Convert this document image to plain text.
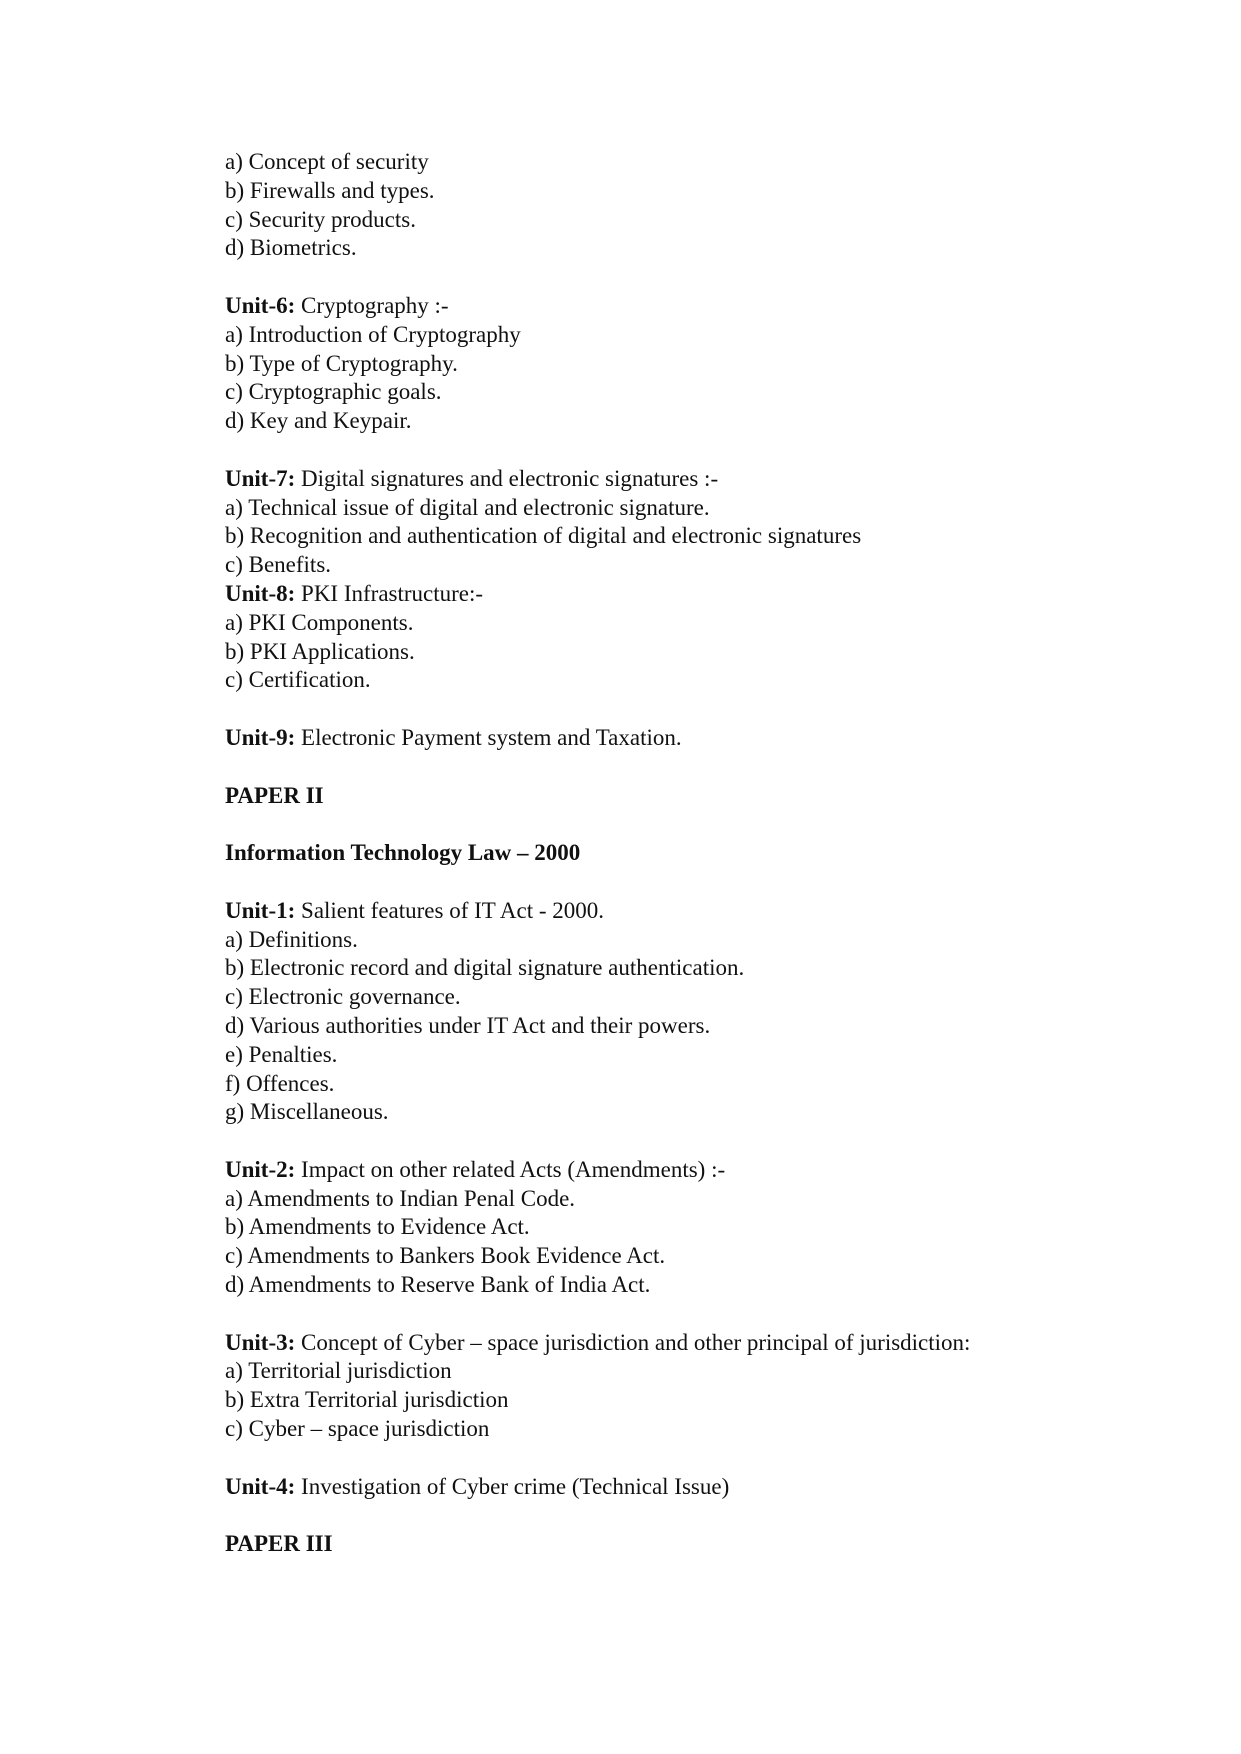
a) Concept of security

b) Firewalls and types.

c) Security products.

d) Biometrics.

Unit-6: Cryptography :-

a) Introduction of Cryptography

b) Type of Cryptography.

c) Cryptographic goals.

d) Key and Keypair.

Unit-7: Digital signatures and electronic signatures :-

a) Technical issue of digital and electronic signature.

b) Recognition and authentication of digital and electronic signatures

c) Benefits.

Unit-8: PKI Infrastructure:-

a) PKI Components.

b) PKI Applications.

c) Certification.

Unit-9: Electronic Payment system and Taxation.

PAPER II

Information Technology Law – 2000

Unit-1: Salient features of IT Act - 2000.

a) Definitions.

b) Electronic record and digital signature authentication.

c) Electronic governance.

d) Various authorities under IT Act and their powers.

e) Penalties.

f) Offences.

g) Miscellaneous.

Unit-2: Impact on other related Acts (Amendments) :-

a) Amendments to Indian Penal Code.

b) Amendments to Evidence Act.

c) Amendments to Bankers Book Evidence Act.

d) Amendments to Reserve Bank of India Act.

Unit-3: Concept of Cyber – space jurisdiction and other principal of jurisdiction:

a) Territorial jurisdiction

b) Extra Territorial jurisdiction

c) Cyber – space jurisdiction

Unit-4: Investigation of Cyber crime (Technical Issue)

PAPER III
